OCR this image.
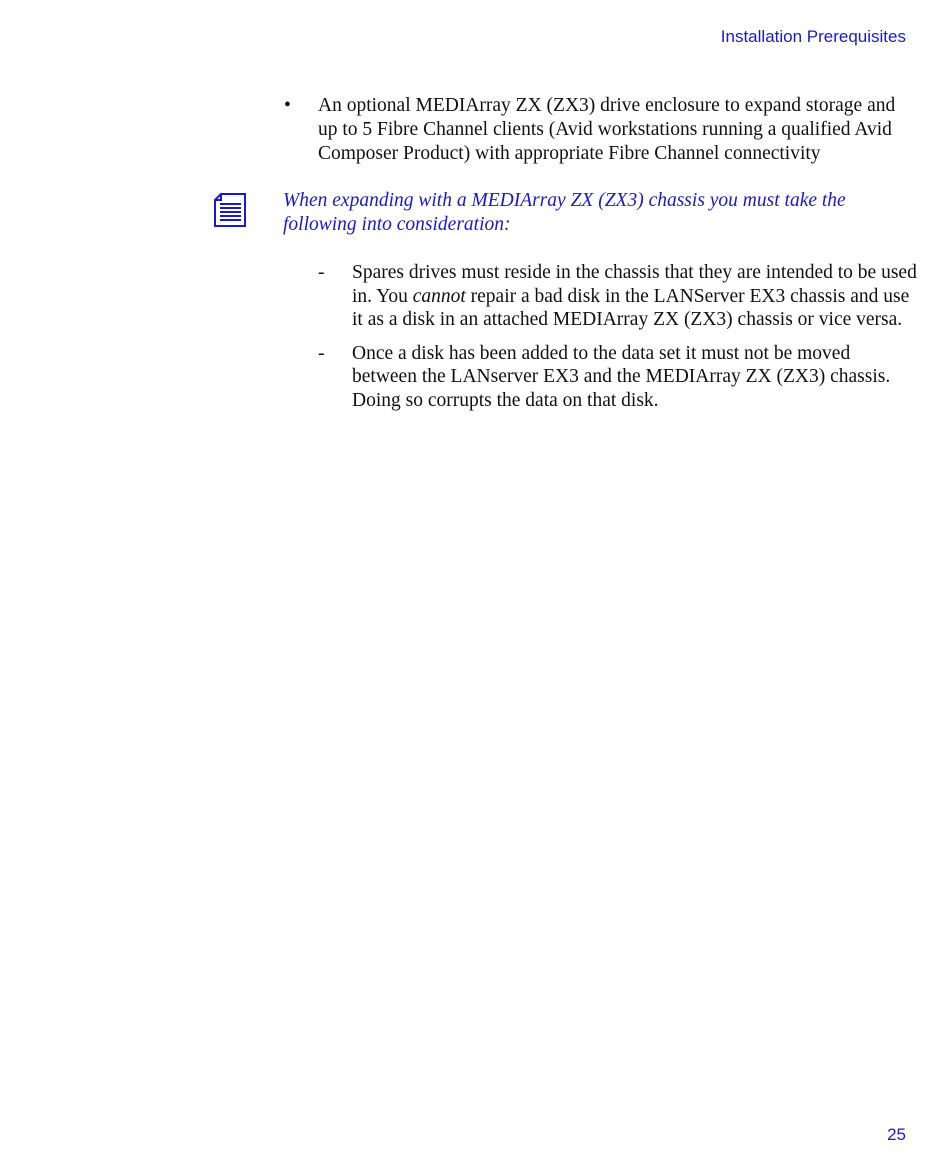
Installation Prerequisites
• An optional MEDIArray ZX (ZX3) drive enclosure to expand storage and up to 5 Fibre Channel clients (Avid workstations running a qualified Avid Composer Product) with appropriate Fibre Channel connectivity
When expanding with a MEDIArray ZX (ZX3) chassis you must take the following into consideration:
- Spares drives must reside in the chassis that they are intended to be used in. You cannot repair a bad disk in the LANServer EX3 chassis and use it as a disk in an attached MEDIArray ZX (ZX3) chassis or vice versa.
- Once a disk has been added to the data set it must not be moved between the LANserver EX3 and the MEDIArray ZX (ZX3) chassis. Doing so corrupts the data on that disk.
25
